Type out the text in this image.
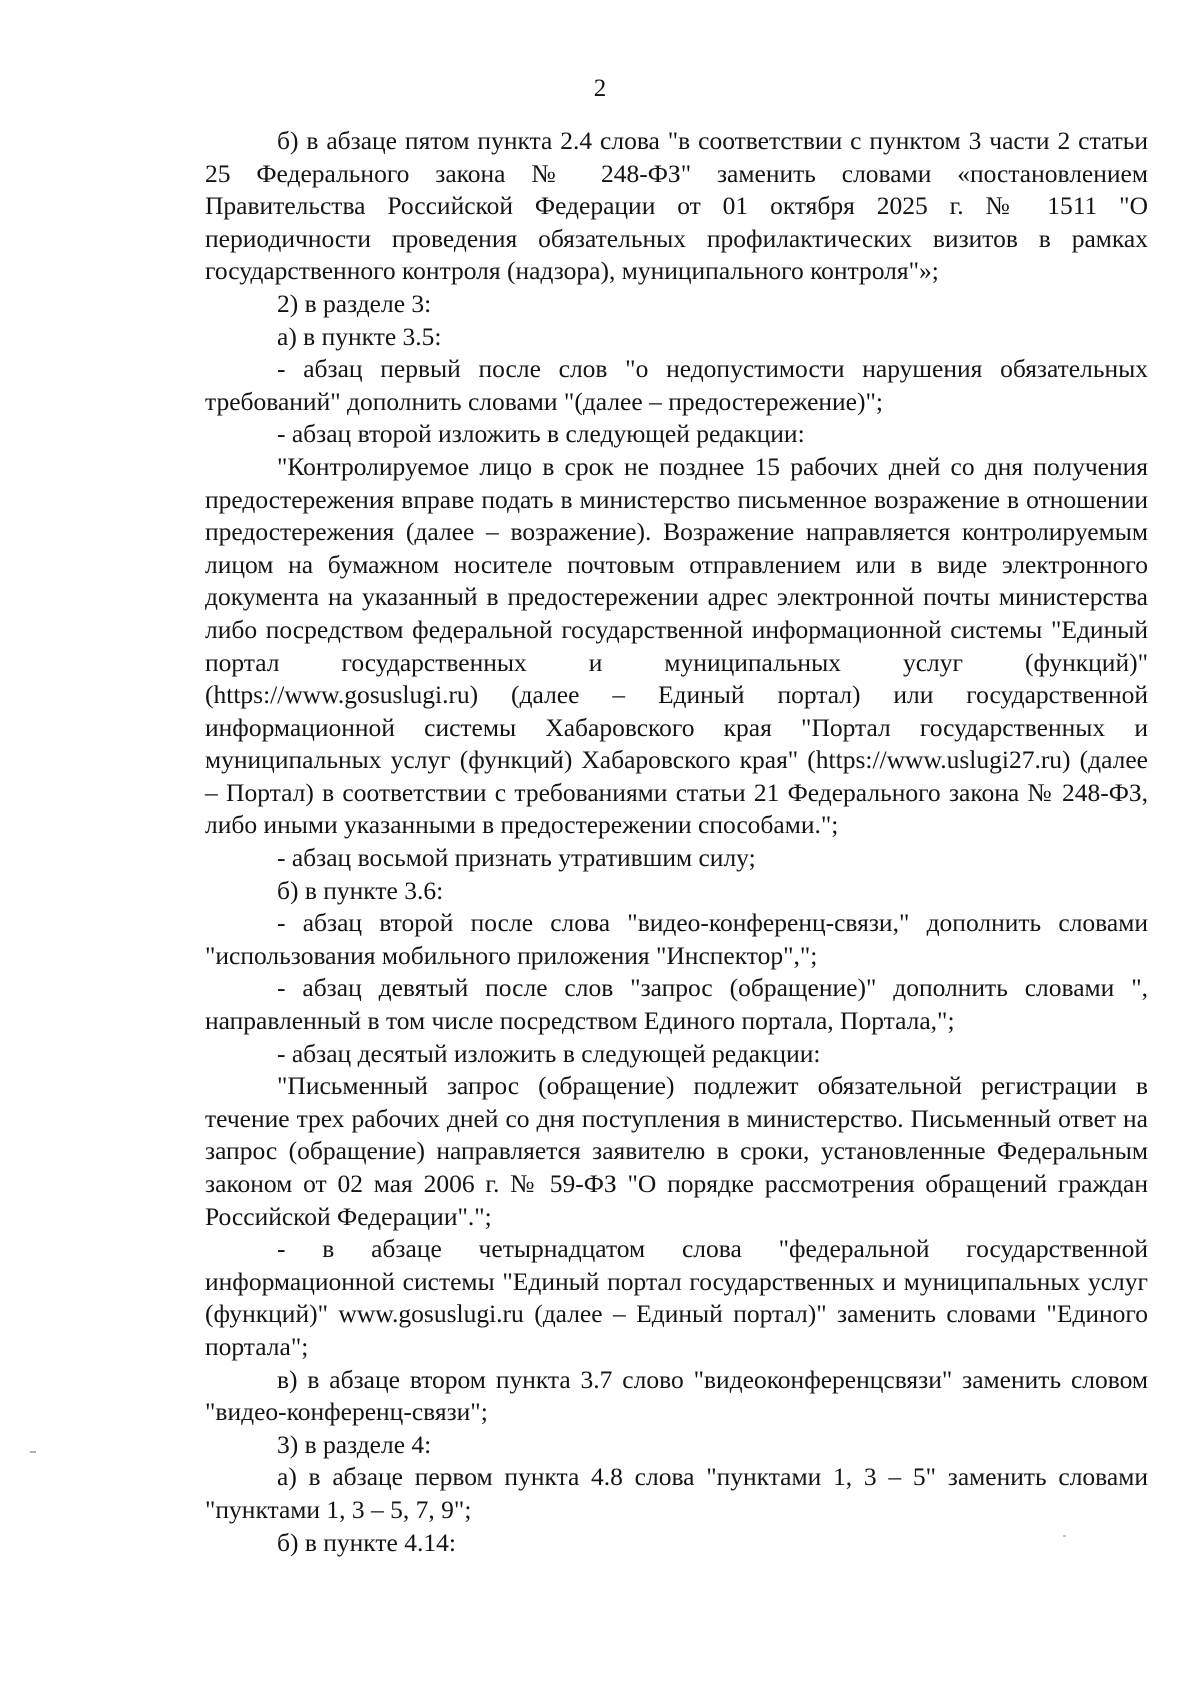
2

б) в абзаце пятом пункта 2.4 слова "в соответствии с пунктом 3 части 2 статьи 25 Федерального закона № 248-ФЗ" заменить словами «постановлением Правительства Российской Федерации от 01 октября 2025 г. № 1511 "О периодичности проведения обязательных профилактических визитов в рамках государственного контроля (надзора), муниципального контроля"»;

2) в разделе 3:

а) в пункте 3.5:

- абзац первый после слов "о недопустимости нарушения обязательных требований" дополнить словами "(далее – предостережение)";

- абзац второй изложить в следующей редакции:

"Контролируемое лицо в срок не позднее 15 рабочих дней со дня получения предостережения вправе подать в министерство письменное возражение в отношении предостережения (далее – возражение). Возражение направляется контролируемым лицом на бумажном носителе почтовым отправлением или в виде электронного документа на указанный в предостережении адрес электронной почты министерства либо посредством федеральной государственной информационной системы "Единый портал государственных и муниципальных услуг (функций)" (https://www.gosuslugi.ru) (далее – Единый портал) или государственной информационной системы Хабаровского края "Портал государственных и муниципальных услуг (функций) Хабаровского края" (https://www.uslugi27.ru) (далее – Портал) в соответствии с требованиями статьи 21 Федерального закона № 248-ФЗ, либо иными указанными в предостережении способами.";

- абзац восьмой признать утратившим силу;

б) в пункте 3.6:

- абзац второй после слова "видео-конференц-связи," дополнить словами "использования мобильного приложения "Инспектор",";

- абзац девятый после слов "запрос (обращение)" дополнить словами ", направленный в том числе посредством Единого портала, Портала,";

- абзац десятый изложить в следующей редакции:

"Письменный запрос (обращение) подлежит обязательной регистрации в течение трех рабочих дней со дня поступления в министерство. Письменный ответ на запрос (обращение) направляется заявителю в сроки, установленные Федеральным законом от 02 мая 2006 г. № 59-ФЗ "О порядке рассмотрения обращений граждан Российской Федерации".";

- в абзаце четырнадцатом слова "федеральной государственной информационной системы "Единый портал государственных и муниципальных услуг (функций)" www.gosuslugi.ru (далее – Единый портал)" заменить словами "Единого портала";

в) в абзаце втором пункта 3.7 слово "видеоконференцсвязи" заменить словом "видео-конференц-связи";

3) в разделе 4:

а) в абзаце первом пункта 4.8 слова "пунктами 1, 3 – 5" заменить словами "пунктами 1, 3 – 5, 7, 9";

б) в пункте 4.14:
